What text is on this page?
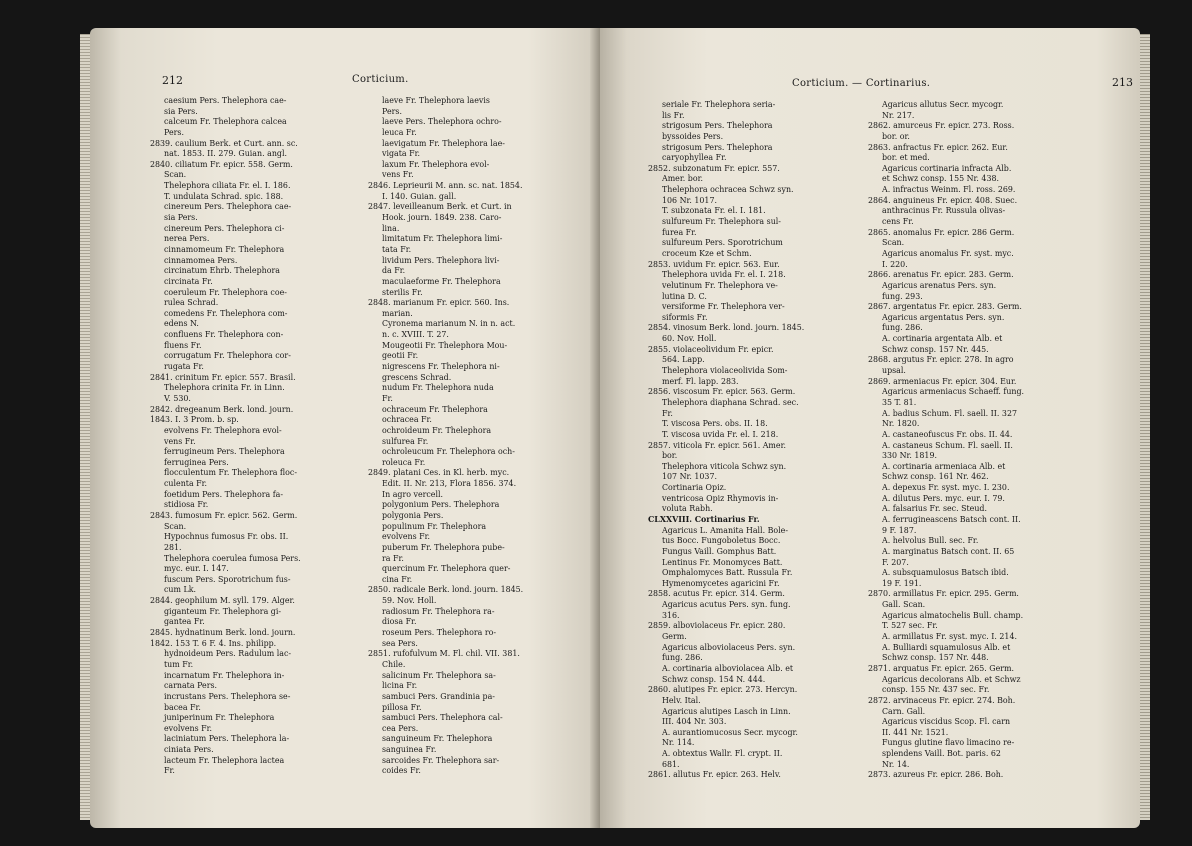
212	Corticium.
caesium Pers. Thelephora cae-
sia Pers.
calceum Fr. Thelephora calcea
Pers.
2839. caulium Berk. et Curt. ann. sc.
nat. 1853. II. 279. Guian. angl.
2840. ciliatum Fr. epicr. 558. Germ.
Scan.
Thelephora ciliata Fr. el. I. 186.
T. undulata Schrad. spic. 188.
cinereum Pers. Thelephora cae-
sia Pers.
cinereum Pers. Thelephora ci-
nerea Pers.
cinnamomeum Fr. Thelephora
cinnamomea Pers.
circinatum Ehrb. Thelephora
circinata Fr.
coeruleum Fr. Thelephora coe-
rulea Schrad.
comedens Fr. Thelephora com-
edens N.
confluens Fr. Thelephora con-
fluens Fr.
corrugatum Fr. Thelephora cor-
rugata Fr.
2841. crinitum Fr. epicr. 557. Brasil.
Thelephora crinita Fr. in Linn.
V. 530.
2842. dregeanum Berk. lond. journ.
1843. I. 3 Prom. b. sp.
evolvens Fr. Thelephora evol-
vens Fr.
ferrugineum Pers. Thelephora
ferruginea Pers.
flocculentum Fr. Thelephora floc-
culenta Fr.
foetidum Pers. Thelephora fa-
stidiosa Fr.
2843. fumosum Fr. epicr. 562. Germ.
Scan.
Hypochnus fumosus Fr. obs. II.
281.
Thelephora coerulea fumosa Pers.
myc. eur. I. 147.
fuscum Pers. Sporotrichum fus-
cum Lk.
2844. geophilum M. syll. 179. Alger.
giganteum Fr. Thelephora gi-
gantea Fr.
2845. hydnatinum Berk. lond. journ.
1842. 153 T. 6 F. 4. Ins. philipp.
hydnoideum Pers. Radulum lac-
tum Fr.
incarnatum Fr. Thelephora in-
carnata Pers.
incrustans Pers. Thelephora se-
bacea Fr.
juniperinum Fr. Thelephora
evolvens Fr.
laciniatum Pers. Thelephora la-
ciniata Pers.
lacteum Fr. Thelephora lactea
Fr.
laeve Fr. Thelephora laevis
Pers.
laeve Pers. Thelephora ochro-
leuca Fr.
laevigatum Fr. Thelephora lae-
vigata Fr.
laxum Fr. Thelephora evol-
vens Fr.
2846. Leprieurii M. ann. sc. nat. 1854.
I. 140. Guian. gall.
2847. leveilleanum Berk. et Curt. in
Hook. journ. 1849. 238. Caro-
lina.
limitatum Fr. Thelephora limi-
tata Fr.
lividum Pers. Thelephora livi-
da Fr.
maculaeforme Fr. Thelephora
sterilis Fr.
2848. marianum Fr. epicr. 560. Ins.
marian.
Cyronema marianum N. in n. act.
n. c. XVIII. T. 27.
Mougeotii Fr. Thelephora Mou-
geotii Fr.
nigrescens Fr. Thelephora ni-
grescens Schrad.
nudum Fr. Thelephora nuda
Fr.
ochraceum Fr. Thelephora
ochracea Fr.
ochroideum Fr. Thelephora
sulfurea Fr.
ochroleucum Fr. Thelephora och-
roleuca Fr.
2849. platani Ces. in Kl. herb. myc.
Edit. II. Nr. 213, Flora 1856. 374.
In agro vercell.
polygonium Pers. Thelephora
polygonia Pers.
populinum Fr. Thelephora
evolvens Fr.
puberum Fr. Thelephora pube-
ra Fr.
quercinum Fr. Thelephora quer-
cina Fr.
2850. radicale Berk. lond. journ. 1845.
59. Nov. Holl.
radiosum Fr. Thelephora ra-
diosa Fr.
roseum Pers. Thelephora ro-
sea Pers.
2851. rufofulvum M. Fl. chil. VII. 381.
Chile.
salicinum Fr. Thelephora sa-
licina Fr.
sambuci Pers. Grandinia pa-
pillosa Fr.
sambuci Pers. Thelephora cal-
cea Pers.
sanguineum Fr. Thelephora
sanguinea Fr.
sarcoides Fr. Thelephora sar-
coides Fr.
Corticium. — Cortinarius.	213
seriale Fr. Thelephora seria-
lis Fr.
strigosum Pers. Thelephora
byssoides Pers.
strigosum Pers. Thelephora
caryophyllea Fr.
2852. subzonatum Fr. epicr. 557.
Amer. bor.
Thelephora ochracea Schwz syn.
106 Nr. 1017.
T. subzonata Fr. el. I. 181.
sulfureum Fr. Thelephora sul-
furea Fr.
sulfureum Pers. Sporotrichum
croceum Kze et Schm.
2853. uvidum Fr. epicr. 563. Eur.
Thelephora uvida Fr. el. I. 218.
velutinum Fr. Thelephora ve-
lutina D. C.
versiforme Fr. Thelephora ver-
siformis Fr.
2854. vinosum Berk. lond. journ. 1845.
60. Nov. Holl.
2855. violaceolividum Fr. epicr.
564. Lapp.
Thelephora violaceolivida Som-
merf. Fl. lapp. 283.
2856. viscosum Fr. epicr. 563. Germ.
Thelephora diaphana Schrad. sec.
Fr.
T. viscosa Pers. obs. II. 18.
T. viscosa uvida Fr. el. I. 218.
2857. viticola Fr. epicr. 561. Amer.
bor.
Thelephora viticola Schwz syn.
107 Nr. 1037.
Cortinaria Opiz.
ventricosa Opiz Rhymovis in-
voluta Rabh.
CLXXVIII. Cortinarius Fr.
Agaricus L. Amanita Hall. Bole-
tus Bocc. Fungoboletus Bocc.
Fungus Vaill. Gomphus Batt.
Lentinus Fr. Monomyces Batt.
Omphalomyces Batt. Russula Fr.
Hymenomycetes agaricini Fr.
2858. acutus Fr. epicr. 314. Germ.
Agaricus acutus Pers. syn. fung.
316.
2859. alboviolaceus Fr. epicr. 280.
Germ.
Agaricus alboviolaceus Pers. syn.
fung. 286.
A. cortinaria alboviolacea Alb. et
Schwz consp. 154 N. 444.
2860. alutipes Fr. epicr. 273. Hercyn.
Helv. Ital.
Agaricus alutipes Lasch in Linn.
III. 404 Nr. 303.
A. aurantiomucosus Secr. mycogr.
Nr. 114.
A. obtextus Wallr. Fl. crypt. II.
681.
2861. allutus Fr. epicr. 263. Helv.
Agaricus allutus Secr. mycogr.
Nr. 217.
2862. amurceus Fr. epicr. 273. Ross.
bor. or.
2863. anfractus Fr. epicr. 262. Eur.
bor. et med.
Agaricus cortinaria infracta Alb.
et Schwz consp. 155 Nr. 438.
A. infractus Weinm. Fl. ross. 269.
2864. anguineus Fr. epicr. 408. Suec.
anthracinus Fr. Russula olivas-
cens Fr.
2865. anomalus Fr. epicr. 286 Germ.
Scan.
Agaricus anomalus Fr. syst. myc.
I. 220.
2866. arenatus Fr. epicr. 283. Germ.
Agaricus arenatus Pers. syn.
fung. 293.
2867. argentatus Fr. epicr. 283. Germ.
Agaricus argentatus Pers. syn.
fung. 286.
A. cortinaria argentata Alb. et
Schwz consp. 157 Nr. 445.
2868. argutus Fr. epicr. 278. In agro
upsal.
2869. armeniacus Fr. epicr. 304. Eur.
Agaricus armeniacus Schaeff. fung.
35 T. 81.
A. badius Schum. Fl. saell. II. 327
Nr. 1820.
A. castaneofuscus Fr. obs. II. 44.
A. castaneus Schum. Fl. saell. II.
330 Nr. 1819.
A. cortinaria armeniaca Alb. et
Schwz consp. 161 Nr. 462.
A. depexus Fr. syst. myc. I. 230.
A. dilutus Pers. myc. eur. I. 79.
A. falsarius Fr. sec. Steud.
A. ferrugineascens Batsch cont. II.
9 F. 187.
A. helvolus Bull. sec. Fr.
A. marginatus Batsch cont. II. 65
F. 207.
A. subsquamulosus Batsch ibid.
19 F. 191.
2870. armillatus Fr. epicr. 295. Germ.
Gall. Scan.
Agaricus almatochelis Bull. champ.
T. 527 sec. Fr.
A. armillatus Fr. syst. myc. I. 214.
A. Bulliardi squamulosus Alb. et
Schwz consp. 157 Nr. 448.
2871. arquatus Fr. epicr. 265. Germ.
Agaricus decolorans Alb. et Schwz
consp. 155 Nr. 437 sec. Fr.
2872. arvinaceus Fr. epicr. 274. Boh.
Carn. Gall.
Agaricus viscidus Scop. Fl. carn
II. 441 Nr. 1521.
Fungus glutine flavo limacino re-
splendens Vaill. Bot. paris. 62
Nr. 14.
2873. azureus Fr. epicr. 286. Boh.
